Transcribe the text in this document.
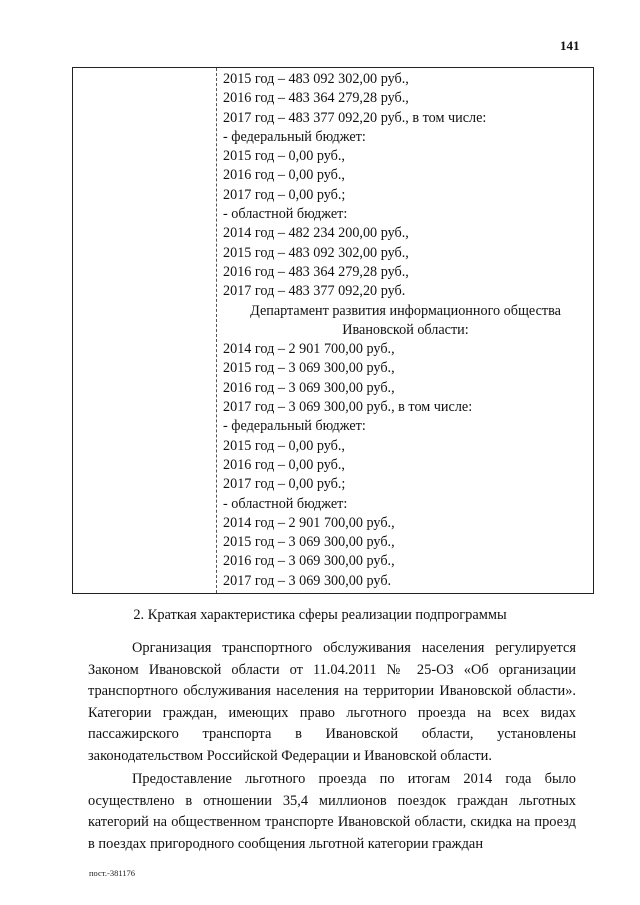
141
2015 год – 483 092 302,00 руб.,
2016 год – 483 364 279,28 руб.,
2017 год – 483 377 092,20 руб., в том числе:
- федеральный бюджет:
2015 год – 0,00 руб.,
2016 год – 0,00 руб.,
2017 год – 0,00 руб.;
- областной бюджет:
2014 год – 482 234 200,00 руб.,
2015 год – 483 092 302,00 руб.,
2016 год – 483 364 279,28 руб.,
2017 год – 483 377 092,20 руб.
Департамент развития информационного общества
Ивановской области:
2014 год – 2 901 700,00 руб.,
2015 год – 3 069 300,00 руб.,
2016 год – 3 069 300,00 руб.,
2017 год – 3 069 300,00 руб., в том числе:
- федеральный бюджет:
2015 год – 0,00 руб.,
2016 год – 0,00 руб.,
2017 год – 0,00 руб.;
- областной бюджет:
2014 год – 2 901 700,00 руб.,
2015 год – 3 069 300,00 руб.,
2016 год – 3 069 300,00 руб.,
2017 год – 3 069 300,00 руб.
2. Краткая характеристика сферы реализации подпрограммы
Организация транспортного обслуживания населения регулируется Законом Ивановской области от 11.04.2011 № 25-ОЗ «Об организации транспортного обслуживания населения на территории Ивановской области». Категории граждан, имеющих право льготного проезда на всех видах пассажирского транспорта в Ивановской области, установлены законодательством Российской Федерации и Ивановской области.
Предоставление льготного проезда по итогам 2014 года было осуществлено в отношении 35,4 миллионов поездок граждан льготных категорий на общественном транспорте Ивановской области, скидка на проезд в поездах пригородного сообщения льготной категории граждан
пост.-381176
